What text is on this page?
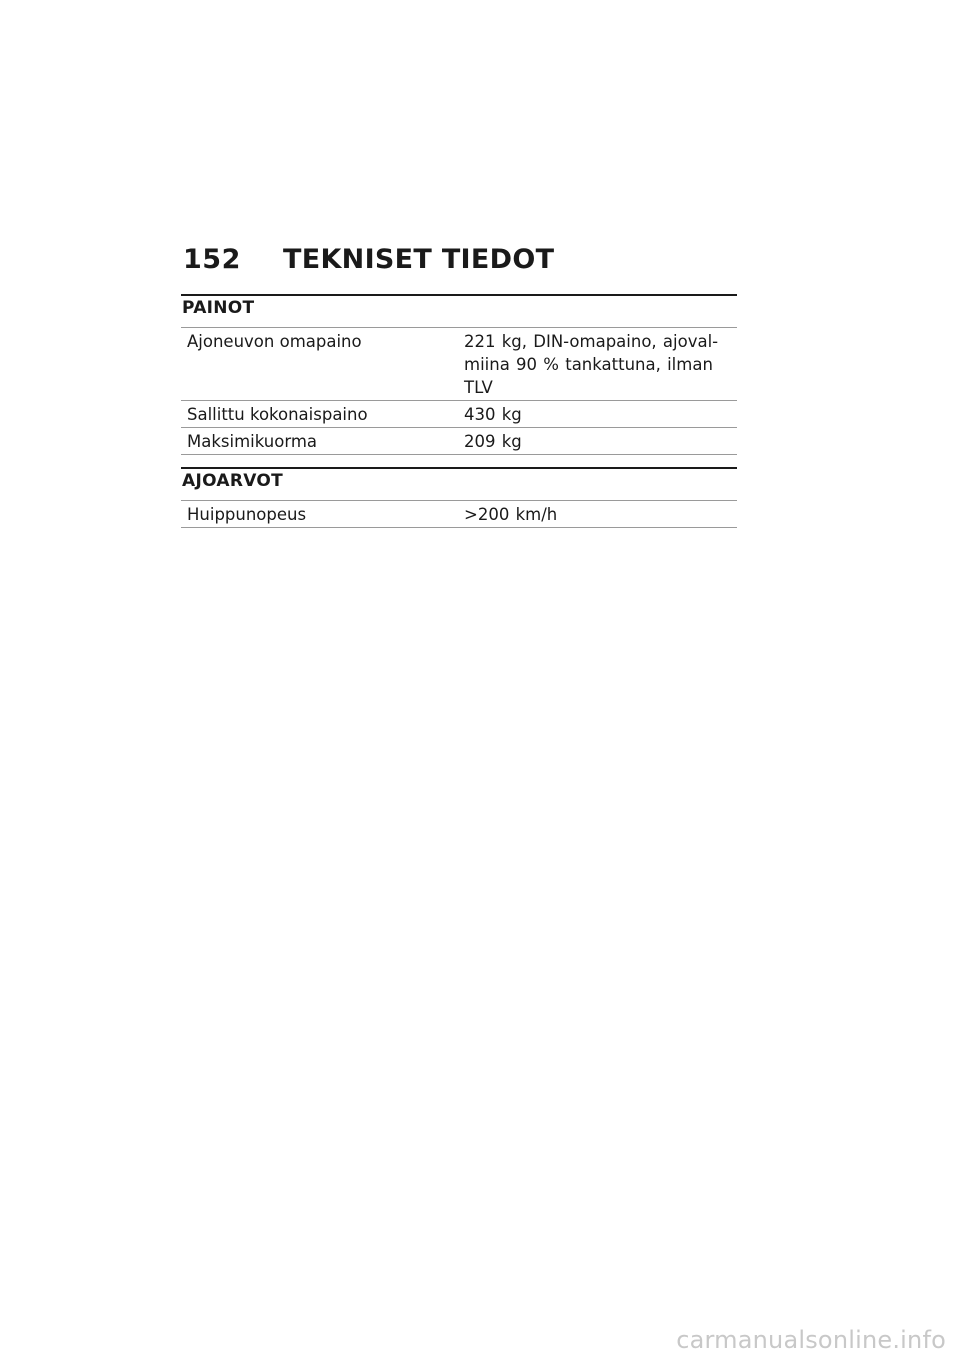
152	TEKNISET TIEDOT
PAINOT
Ajoneuvon omapaino	221 kg, DIN-omapaino, ajoval-
miina 90 % tankattuna, ilman
TLV

Sallittu kokonaispaino	430 kg

Maksimikuorma	209 kg
AJOARVOT
Huippunopeus	>200 km/h
carmanualsonline.info
